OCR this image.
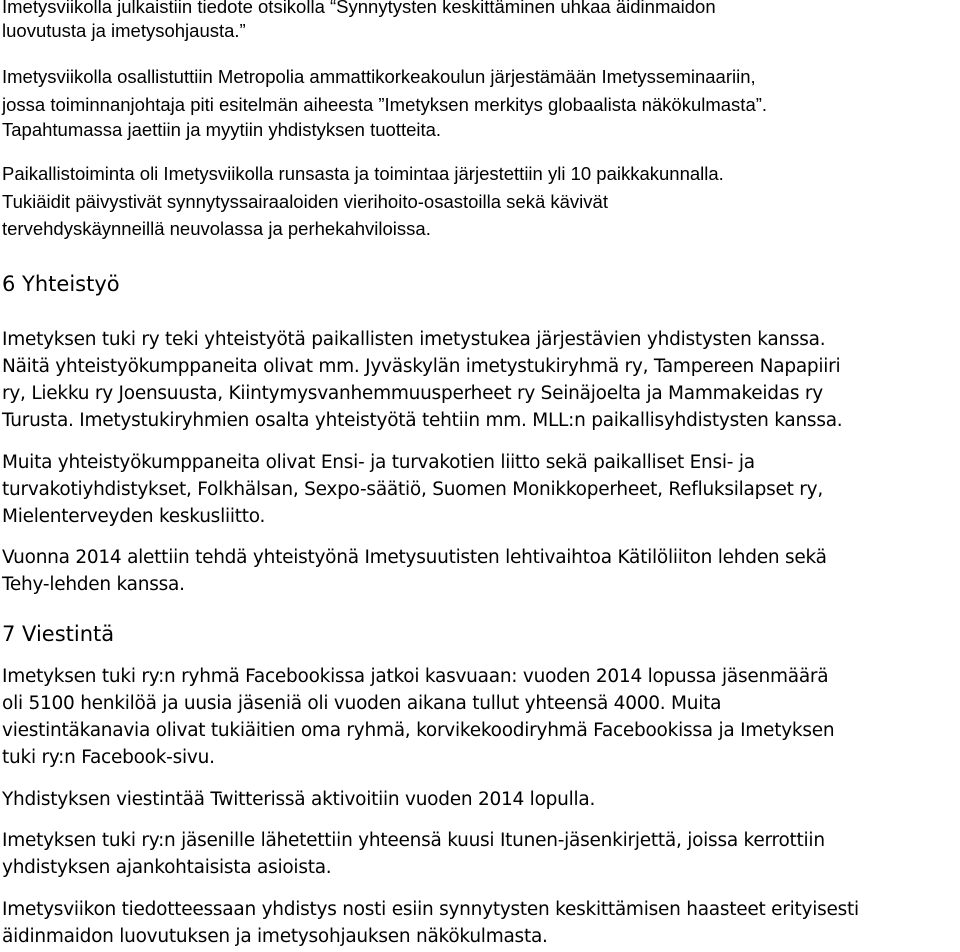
Imetysviikolla julkaistiin tiedote otsikolla “Synnytysten keskittäminen uhkaa äidinmaidon

luovutusta ja imetysohjausta.”

Imetysviikolla osallistuttiin Metropolia ammattikorkeakoulun järjestämään Imetysseminaariin,

jossa toiminnanjohtaja piti esitelmän aiheesta ”Imetyksen merkitys globaalista näkökulmasta”.

Tapahtumassa jaettiin ja myytiin yhdistyksen tuotteita.

Paikallistoiminta oli Imetysviikolla runsasta ja toimintaa järjestettiin yli 10 paikkakunnalla.

Tukiäidit päivystivät synnytyssairaaloiden vierihoito-osastoilla sekä kävivät

tervehdyskäynneillä neuvolassa ja perhekahviloissa.

6 Yhteistyö

Imetyksen tuki ry teki yhteistyötä paikallisten imetystukea järjestävien yhdistysten kanssa.

Näitä yhteistyökumppaneita olivat mm. Jyväskylän imetystukiryhmä ry, Tampereen Napapiiri

ry, Liekku ry Joensuusta, Kiintymysvanhemmuusperheet ry Seinäjoelta ja Mammakeidas ry

Turusta. Imetystukiryhmien osalta yhteistyötä tehtiin mm. MLL:n paikallisyhdistysten kanssa.

Muita yhteistyökumppaneita olivat Ensi- ja turvakotien liitto sekä paikalliset Ensi- ja

turvakotiyhdistykset, Folkhälsan, Sexpo-säätiö, Suomen Monikkoperheet, Refluksilapset ry,

Mielenterveyden keskusliitto.

Vuonna 2014 alettiin tehdä yhteistyönä Imetysuutisten lehtivaihtoa Kätilöliiton lehden sekä

Tehy-lehden kanssa.

7 Viestintä

Imetyksen tuki ry:n ryhmä Facebookissa jatkoi kasvuaan: vuoden 2014 lopussa jäsenmäärä

oli 5100 henkilöä ja uusia jäseniä oli vuoden aikana tullut yhteensä 4000. Muita

viestintäkanavia olivat tukiäitien oma ryhmä, korvikekoodiryhmä Facebookissa ja Imetyksen

tuki ry:n Facebook-sivu.

Yhdistyksen viestintää Twitterissä aktivoitiin vuoden 2014 lopulla.

Imetyksen tuki ry:n jäsenille lähetettiin yhteensä kuusi Itunen-jäsenkirjettä, joissa kerrottiin

yhdistyksen ajankohtaisista asioista.

Imetysviikon tiedotteessaan yhdistys nosti esiin synnytysten keskittämisen haasteet erityisesti

äidinmaidon luovutuksen ja imetysohjauksen näkökulmasta.
